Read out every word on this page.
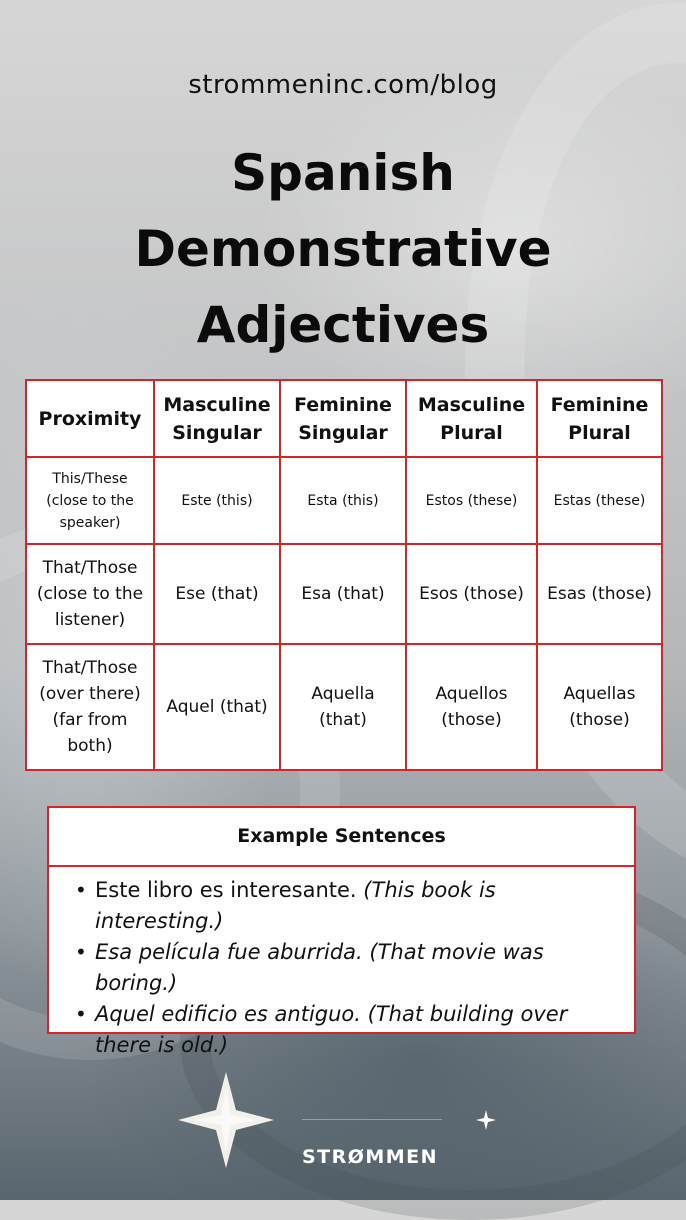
strommeninc.com/blog
Spanish
Demonstrative
Adjectives
Proximity	Masculine Singular	Feminine Singular	Masculine Plural	Feminine Plural
This/These (close to the speaker)	Este (this)	Esta (this)	Estos (these)	Estas (these)
That/Those (close to the listener)	Ese (that)	Esa (that)	Esos (those)	Esas (those)
That/Those (over there) (far from both)	Aquel (that)	Aquella (that)	Aquellos (those)	Aquellas (those)
Example Sentences
• Este libro es interesante. (This book is interesting.)
• Esa película fue aburrida. (That movie was boring.)
• Aquel edificio es antiguo. (That building over there is old.)
STRØMMEN
